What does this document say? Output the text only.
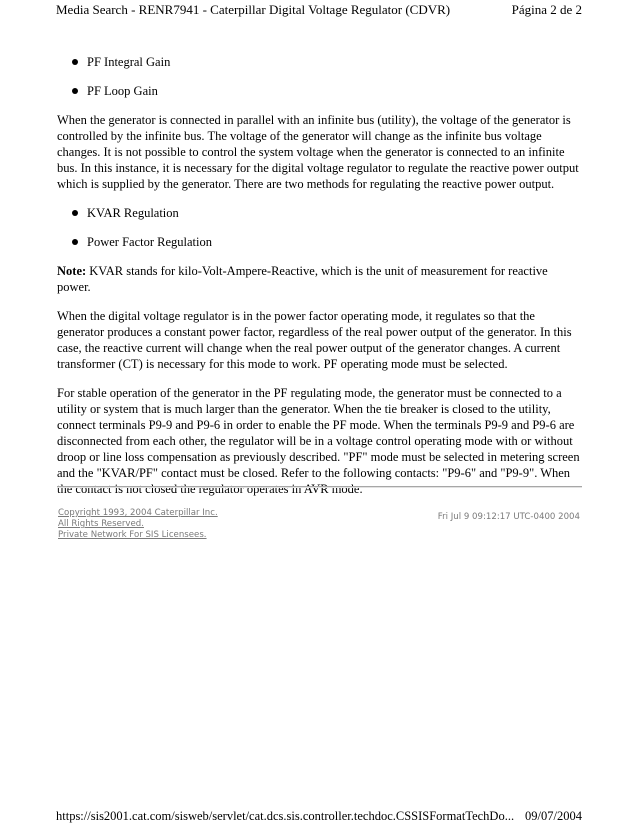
Media Search - RENR7941 - Caterpillar Digital Voltage Regulator (CDVR)	Página 2 de 2
PF Integral Gain
PF Loop Gain

When the generator is connected in parallel with an infinite bus (utility), the voltage of the generator is controlled by the infinite bus. The voltage of the generator will change as the infinite bus voltage changes. It is not possible to control the system voltage when the generator is connected to an infinite bus. In this instance, it is necessary for the digital voltage regulator to regulate the reactive power output which is supplied by the generator. There are two methods for regulating the reactive power output.

KVAR Regulation
Power Factor Regulation

Note: KVAR stands for kilo-Volt-Ampere-Reactive, which is the unit of measurement for reactive power.

When the digital voltage regulator is in the power factor operating mode, it regulates so that the generator produces a constant power factor, regardless of the real power output of the generator. In this case, the reactive current will change when the real power output of the generator changes. A current transformer (CT) is necessary for this mode to work. PF operating mode must be selected.

For stable operation of the generator in the PF regulating mode, the generator must be connected to a utility or system that is much larger than the generator. When the tie breaker is closed to the utility, connect terminals P9-9 and P9-6 in order to enable the PF mode. When the terminals P9-9 and P9-6 are disconnected from each other, the regulator will be in a voltage control operating mode with or without droop or line loss compensation as previously described. "PF" mode must be selected in metering screen and the "KVAR/PF" contact must be closed. Refer to the following contacts: "P9-6" and "P9-9". When the contact is not closed the regulator operates in AVR mode.

Copyright 1993, 2004 Caterpillar Inc.
All Rights Reserved.
Private Network For SIS Licensees.
Fri Jul 9 09:12:17 UTC-0400 2004
https://sis2001.cat.com/sisweb/servlet/cat.dcs.sis.controller.techdoc.CSSISFormatTechDo... 09/07/2004
